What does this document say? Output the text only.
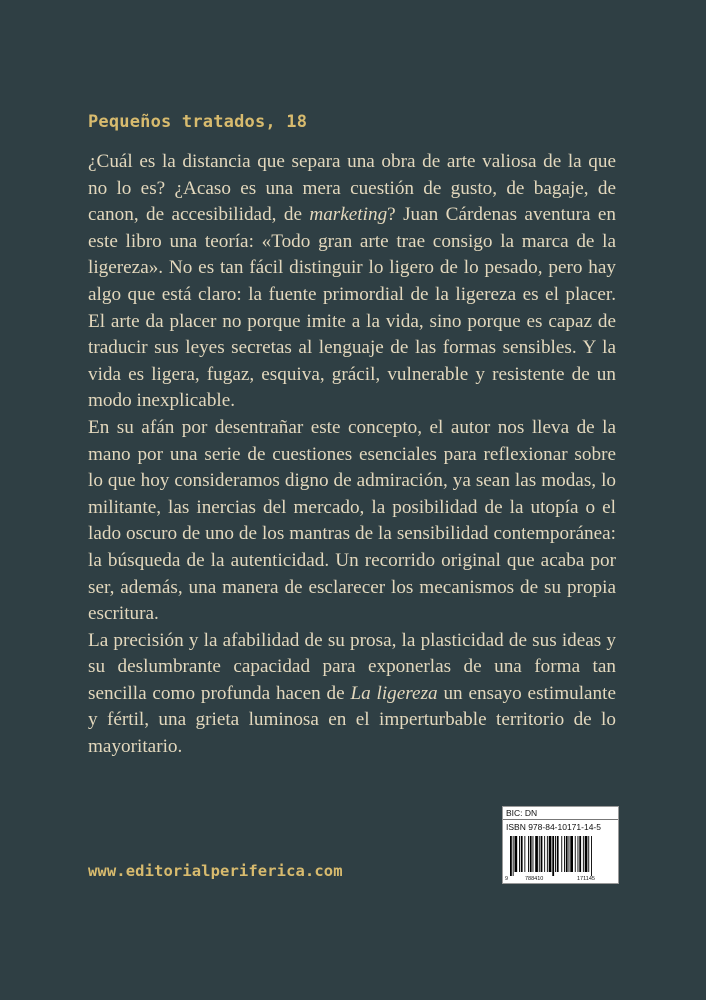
Pequeños tratados, 18

¿Cuál es la distancia que separa una obra de arte valiosa de la que no lo es? ¿Acaso es una mera cuestión de gusto, de bagaje, de canon, de accesibilidad, de marketing? Juan Cárdenas aventura en este libro una teoría: «Todo gran arte trae consigo la marca de la ligereza». No es tan fácil distinguir lo ligero de lo pesado, pero hay algo que está claro: la fuente primordial de la ligereza es el placer. El arte da placer no porque imite a la vida, sino porque es capaz de traducir sus leyes secretas al lenguaje de las formas sensibles. Y la vida es ligera, fugaz, esquiva, grácil, vulnerable y resistente de un modo inexplicable.

En su afán por desentrañar este concepto, el autor nos lleva de la mano por una serie de cuestiones esenciales para reflexionar sobre lo que hoy consideramos digno de admiración, ya sean las modas, lo militante, las inercias del mercado, la posibilidad de la utopía o el lado oscuro de uno de los mantras de la sensibilidad contemporánea: la búsqueda de la autenticidad. Un recorrido original que acaba por ser, además, una manera de esclarecer los mecanismos de su propia escritura.

La precisión y la afabilidad de su prosa, la plasticidad de sus ideas y su deslumbrante capacidad para exponerlas de una forma tan sencilla como profunda hacen de La ligereza un ensayo estimulante y fértil, una grieta luminosa en el imperturbable territorio de lo mayoritario.

BIC: DN
ISBN 978-84-10171-14-5
9	788410	171145

www.editorialperiferica.com
